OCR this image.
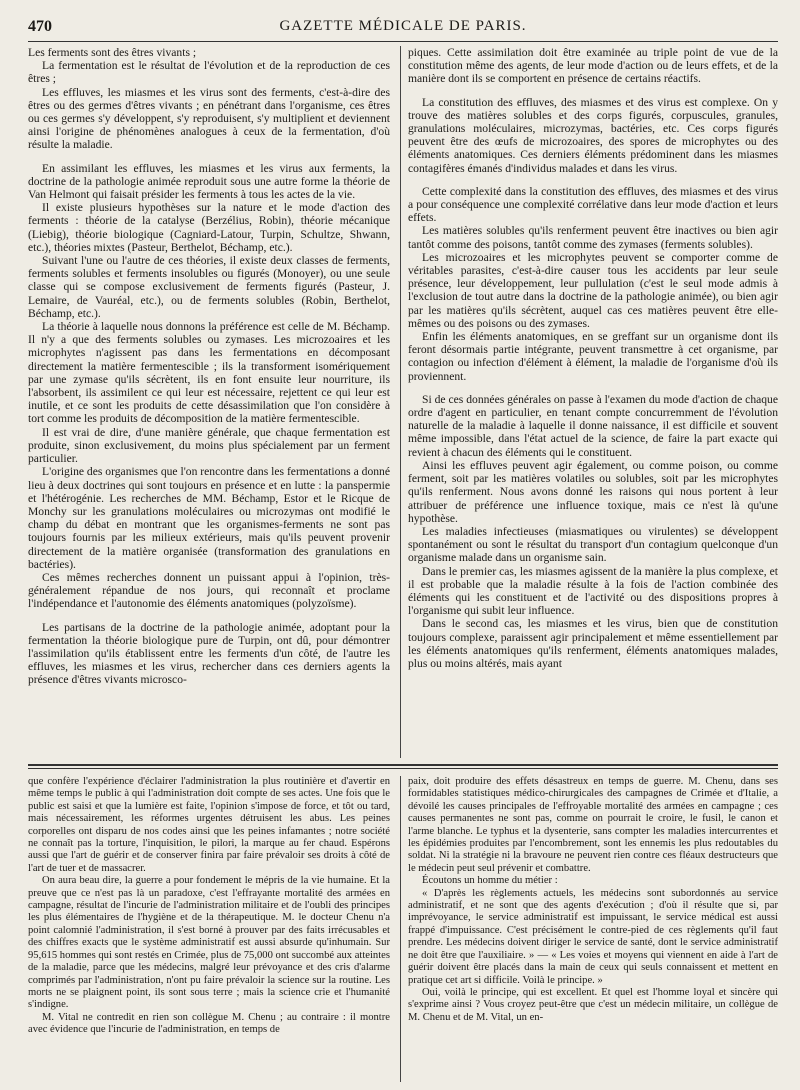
470	GAZETTE MÉDICALE DE PARIS.

Les ferments sont des êtres vivants ;

La fermentation est le résultat de l'évolution et de la reproduction de ces êtres ;

Les effluves, les miasmes et les virus sont des ferments, c'est-à-dire des êtres ou des germes d'êtres vivants ; en pénétrant dans l'organisme, ces êtres ou ces germes s'y développent, s'y reproduisent, s'y multiplient et deviennent ainsi l'origine de phénomènes analogues à ceux de la fermentation, d'où résulte la maladie.

En assimilant les effluves, les miasmes et les virus aux ferments, la doctrine de la pathologie animée reproduit sous une autre forme la théorie de Van Helmont qui faisait présider les ferments à tous les actes de la vie.

Il existe plusieurs hypothèses sur la nature et le mode d'action des ferments : théorie de la catalyse (Berzélius, Robin), théorie mécanique (Liebig), théorie biologique (Cagniard-Latour, Turpin, Schultze, Shwann, etc.), théories mixtes (Pasteur, Berthelot, Béchamp, etc.).

Suivant l'une ou l'autre de ces théories, il existe deux classes de ferments, ferments solubles et ferments insolubles ou figurés (Monoyer), ou une seule classe qui se compose exclusivement de ferments figurés (Pasteur, J. Lemaire, de Vauréal, etc.), ou de ferments solubles (Robin, Berthelot, Béchamp, etc.).

La théorie à laquelle nous donnons la préférence est celle de M. Béchamp. Il n'y a que des ferments solubles ou zymases. Les microzoaires et les microphytes n'agissent pas dans les fermentations en décomposant directement la matière fermentescible ; ils la transforment isomériquement par une zymase qu'ils sécrètent, ils en font ensuite leur nourriture, ils l'absorbent, ils assimilent ce qui leur est nécessaire, rejettent ce qui leur est inutile, et ce sont les produits de cette désassimilation que l'on considère à tort comme les produits de décomposition de la matière fermentescible.

Il est vrai de dire, d'une manière générale, que chaque fermentation est produite, sinon exclusivement, du moins plus spécialement par un ferment particulier.

L'origine des organismes que l'on rencontre dans les fermentations a donné lieu à deux doctrines qui sont toujours en présence et en lutte : la panspermie et l'hétérogénie. Les recherches de MM. Béchamp, Estor et le Ricque de Monchy sur les granulations moléculaires ou microzymas ont modifié le champ du débat en montrant que les organismes-ferments ne sont pas toujours fournis par les milieux extérieurs, mais qu'ils peuvent provenir directement de la matière organisée (transformation des granulations en bactéries).

Ces mêmes recherches donnent un puissant appui à l'opinion, très-généralement répandue de nos jours, qui reconnaît et proclame l'indépendance et l'autonomie des éléments anatomiques (polyzoïsme).

Les partisans de la doctrine de la pathologie animée, adoptant pour la fermentation la théorie biologique pure de Turpin, ont dû, pour démontrer l'assimilation qu'ils établissent entre les ferments d'un côté, de l'autre les effluves, les miasmes et les virus, rechercher dans ces derniers agents la présence d'êtres vivants microsco-

piques. Cette assimilation doit être examinée au triple point de vue de la constitution même des agents, de leur mode d'action ou de leurs effets, et de la manière dont ils se comportent en présence de certains réactifs.

La constitution des effluves, des miasmes et des virus est complexe. On y trouve des matières solubles et des corps figurés, corpuscules, granules, granulations moléculaires, microzymas, bactéries, etc. Ces corps figurés peuvent être des œufs de microzoaires, des spores de microphytes ou des éléments anatomiques. Ces derniers éléments prédominent dans les miasmes contagifères émanés d'individus malades et dans les virus.

Cette complexité dans la constitution des effluves, des miasmes et des virus a pour conséquence une complexité corrélative dans leur mode d'action et leurs effets.

Les matières solubles qu'ils renferment peuvent être inactives ou bien agir tantôt comme des poisons, tantôt comme des zymases (ferments solubles).

Les microzoaires et les microphytes peuvent se comporter comme de véritables parasites, c'est-à-dire causer tous les accidents par leur seule présence, leur développement, leur pullulation (c'est le seul mode admis à l'exclusion de tout autre dans la doctrine de la pathologie animée), ou bien agir par les matières qu'ils sécrètent, auquel cas ces matières peuvent être elle-mêmes ou des poisons ou des zymases.

Enfin les éléments anatomiques, en se greffant sur un organisme dont ils feront désormais partie intégrante, peuvent transmettre à cet organisme, par contagion ou infection d'élément à élément, la maladie de l'organisme d'où ils proviennent.

Si de ces données générales on passe à l'examen du mode d'action de chaque ordre d'agent en particulier, en tenant compte concurremment de l'évolution naturelle de la maladie à laquelle il donne naissance, il est difficile et souvent même impossible, dans l'état actuel de la science, de faire la part exacte qui revient à chacun des éléments qui le constituent.

Ainsi les effluves peuvent agir également, ou comme poison, ou comme ferment, soit par les matières volatiles ou solubles, soit par les microphytes qu'ils renferment. Nous avons donné les raisons qui nous portent à leur attribuer de préférence une influence toxique, mais ce n'est là qu'une hypothèse.

Les maladies infectieuses (miasmatiques ou virulentes) se développent spontanément ou sont le résultat du transport d'un contagium quelconque d'un organisme malade dans un organisme sain.

Dans le premier cas, les miasmes agissent de la manière la plus complexe, et il est probable que la maladie résulte à la fois de l'action combinée des éléments qui les constituent et de l'activité ou des dispositions propres à l'organisme qui subit leur influence.

Dans le second cas, les miasmes et les virus, bien que de constitution toujours complexe, paraissent agir principalement et même essentiellement par les éléments anatomiques qu'ils renferment, éléments anatomiques malades, plus ou moins altérés, mais ayant

que confère l'expérience d'éclairer l'administration la plus routinière et d'avertir en même temps le public à qui l'administration doit compte de ses actes. Une fois que le public est saisi et que la lumière est faite, l'opinion s'impose de force, et tôt ou tard, mais nécessairement, les réformes urgentes détruisent les abus. Les peines corporelles ont disparu de nos codes ainsi que les peines infamantes ; notre société ne connaît pas la torture, l'inquisition, le pilori, la marque au fer chaud. Espérons aussi que l'art de guérir et de conserver finira par faire prévaloir ses droits à côté de l'art de tuer et de massacrer.

On aura beau dire, la guerre a pour fondement le mépris de la vie humaine. Et la preuve que ce n'est pas là un paradoxe, c'est l'effrayante mortalité des armées en campagne, résultat de l'incurie de l'administration militaire et de l'oubli des principes les plus élémentaires de l'hygiène et de la thérapeutique. M. le docteur Chenu n'a point calomnié l'administration, il s'est borné à prouver par des faits irrécusables et des chiffres exacts que le système administratif est aussi absurde qu'inhumain. Sur 95,615 hommes qui sont restés en Crimée, plus de 75,000 ont succombé aux atteintes de la maladie, parce que les médecins, malgré leur prévoyance et des cris d'alarme comprimés par l'administration, n'ont pu faire prévaloir la science sur la routine. Les morts ne se plaignent point, ils sont sous terre ; mais la science crie et l'humanité s'indigne.

M. Vital ne contredit en rien son collègue M. Chenu ; au contraire : il montre avec évidence que l'incurie de l'administration, en temps de

paix, doit produire des effets désastreux en temps de guerre. M. Chenu, dans ses formidables statistiques médico-chirurgicales des campagnes de Crimée et d'Italie, a dévoilé les causes principales de l'effroyable mortalité des armées en campagne ; ces causes permanentes ne sont pas, comme on pourrait le croire, le fusil, le canon et l'arme blanche. Le typhus et la dysenterie, sans compter les maladies intercurrentes et les épidémies produites par l'encombrement, sont les ennemis les plus redoutables du soldat. Ni la stratégie ni la bravoure ne peuvent rien contre ces fléaux destructeurs que le médecin peut seul prévenir et combattre.

Écoutons un homme du métier :

« D'après les règlements actuels, les médecins sont subordonnés au service administratif, et ne sont que des agents d'exécution ; d'où il résulte que si, par imprévoyance, le service administratif est impuissant, le service médical est aussi frappé d'impuissance. C'est précisément le contre-pied de ces règlements qu'il faut prendre. Les médecins doivent diriger le service de santé, dont le service administratif ne doit être que l'auxiliaire. » — « Les voies et moyens qui viennent en aide à l'art de guérir doivent être placés dans la main de ceux qui seuls connaissent et mettent en pratique cet art si difficile. Voilà le principe. »

Oui, voilà le principe, qui est excellent. Et quel est l'homme loyal et sincère qui s'exprime ainsi ? Vous croyez peut-être que c'est un médecin militaire, un collègue de M. Chenu et de M. Vital, un en-
